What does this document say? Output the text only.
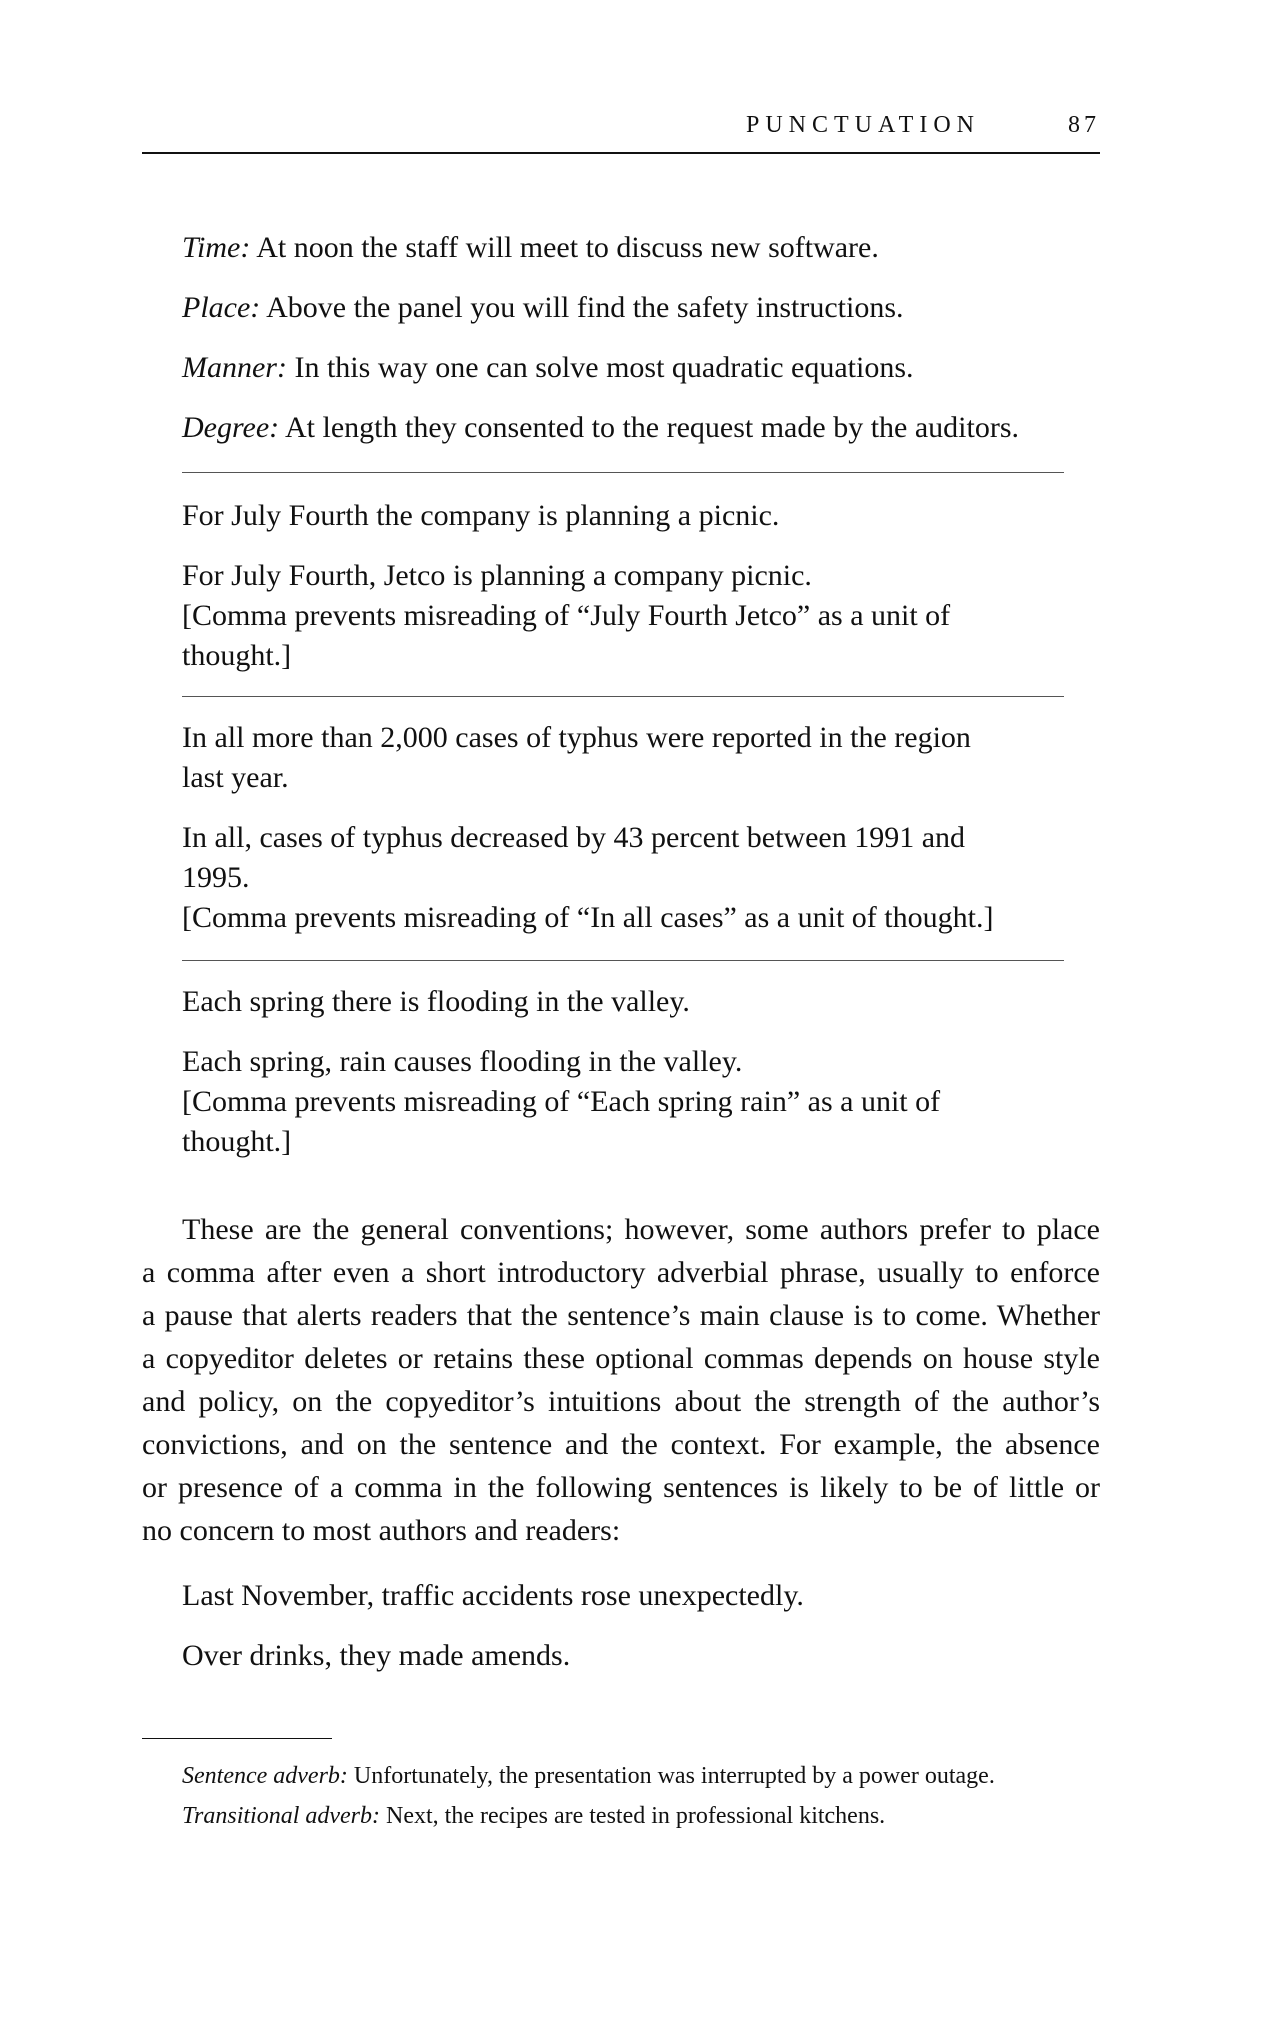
PUNCTUATION	87
Time: At noon the staff will meet to discuss new software.
Place: Above the panel you will find the safety instructions.
Manner: In this way one can solve most quadratic equations.
Degree: At length they consented to the request made by the auditors.
For July Fourth the company is planning a picnic.
For July Fourth, Jetco is planning a company picnic.
[Comma prevents misreading of “July Fourth Jetco” as a unit of
thought.]
In all more than 2,000 cases of typhus were reported in the region
last year.
In all, cases of typhus decreased by 43 percent between 1991 and
1995.
[Comma prevents misreading of “In all cases” as a unit of thought.]
Each spring there is flooding in the valley.
Each spring, rain causes flooding in the valley.
[Comma prevents misreading of “Each spring rain” as a unit of
thought.]
These are the general conventions; however, some authors prefer to place
a comma after even a short introductory adverbial phrase, usually to enforce
a pause that alerts readers that the sentence’s main clause is to come. Whether
a copyeditor deletes or retains these optional commas depends on house style
and policy, on the copyeditor’s intuitions about the strength of the author’s
convictions, and on the sentence and the context. For example, the absence
or presence of a comma in the following sentences is likely to be of little or
no concern to most authors and readers:
Last November, traffic accidents rose unexpectedly.
Over drinks, they made amends.
Sentence adverb: Unfortunately, the presentation was interrupted by a power outage.
Transitional adverb: Next, the recipes are tested in professional kitchens.
